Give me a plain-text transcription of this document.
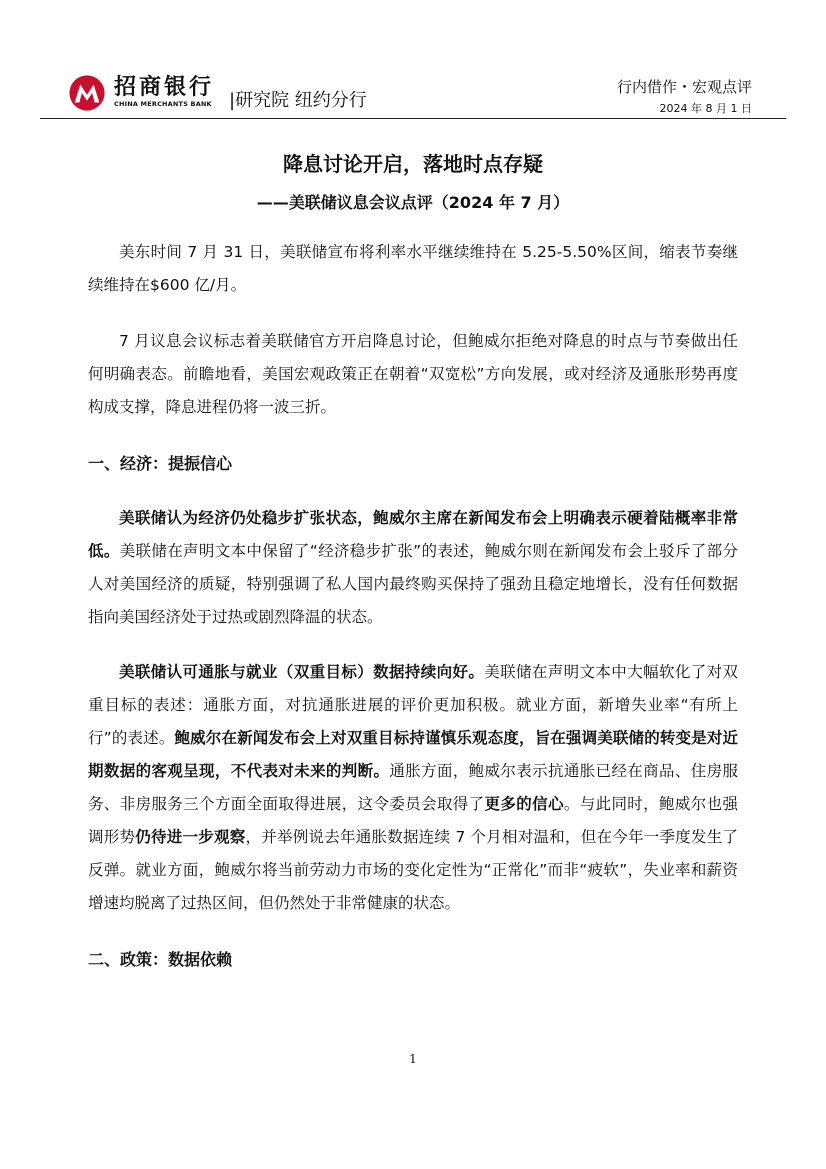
招商银行
CHINA MERCHANTS BANK |研究院 纽约分行
行内借作・宏观点评
2024 年 8 月 1 日
降息讨论开启，落地时点存疑
——美联储议息会议点评（2024 年 7 月）

美东时间 7 月 31 日，美联储宣布将利率水平继续维持在 5.25-5.50%区间，缩表节奏继续维持在$600 亿/月。

7 月议息会议标志着美联储官方开启降息讨论，但鲍威尔拒绝对降息的时点与节奏做出任何明确表态。前瞻地看，美国宏观政策正在朝着“双宽松”方向发展，或对经济及通胀形势再度构成支撑，降息进程仍将一波三折。

一、经济：提振信心

美联储认为经济仍处稳步扩张状态，鲍威尔主席在新闻发布会上明确表示硬着陆概率非常低。美联储在声明文本中保留了“经济稳步扩张”的表述，鲍威尔则在新闻发布会上驳斥了部分人对美国经济的质疑，特别强调了私人国内最终购买保持了强劲且稳定地增长，没有任何数据指向美国经济处于过热或剧烈降温的状态。

美联储认可通胀与就业（双重目标）数据持续向好。美联储在声明文本中大幅软化了对双重目标的表述：通胀方面，对抗通胀进展的评价更加积极。就业方面，新增失业率“有所上行”的表述。鲍威尔在新闻发布会上对双重目标持谨慎乐观态度，旨在强调美联储的转变是对近期数据的客观呈现，不代表对未来的判断。通胀方面，鲍威尔表示抗通胀已经在商品、住房服务、非房服务三个方面全面取得进展，这令委员会取得了更多的信心。与此同时，鲍威尔也强调形势仍待进一步观察，并举例说去年通胀数据连续 7 个月相对温和，但在今年一季度发生了反弹。就业方面，鲍威尔将当前劳动力市场的变化定性为“正常化”而非“疲软”，失业率和薪资增速均脱离了过热区间，但仍然处于非常健康的状态。

二、政策：数据依赖
1
